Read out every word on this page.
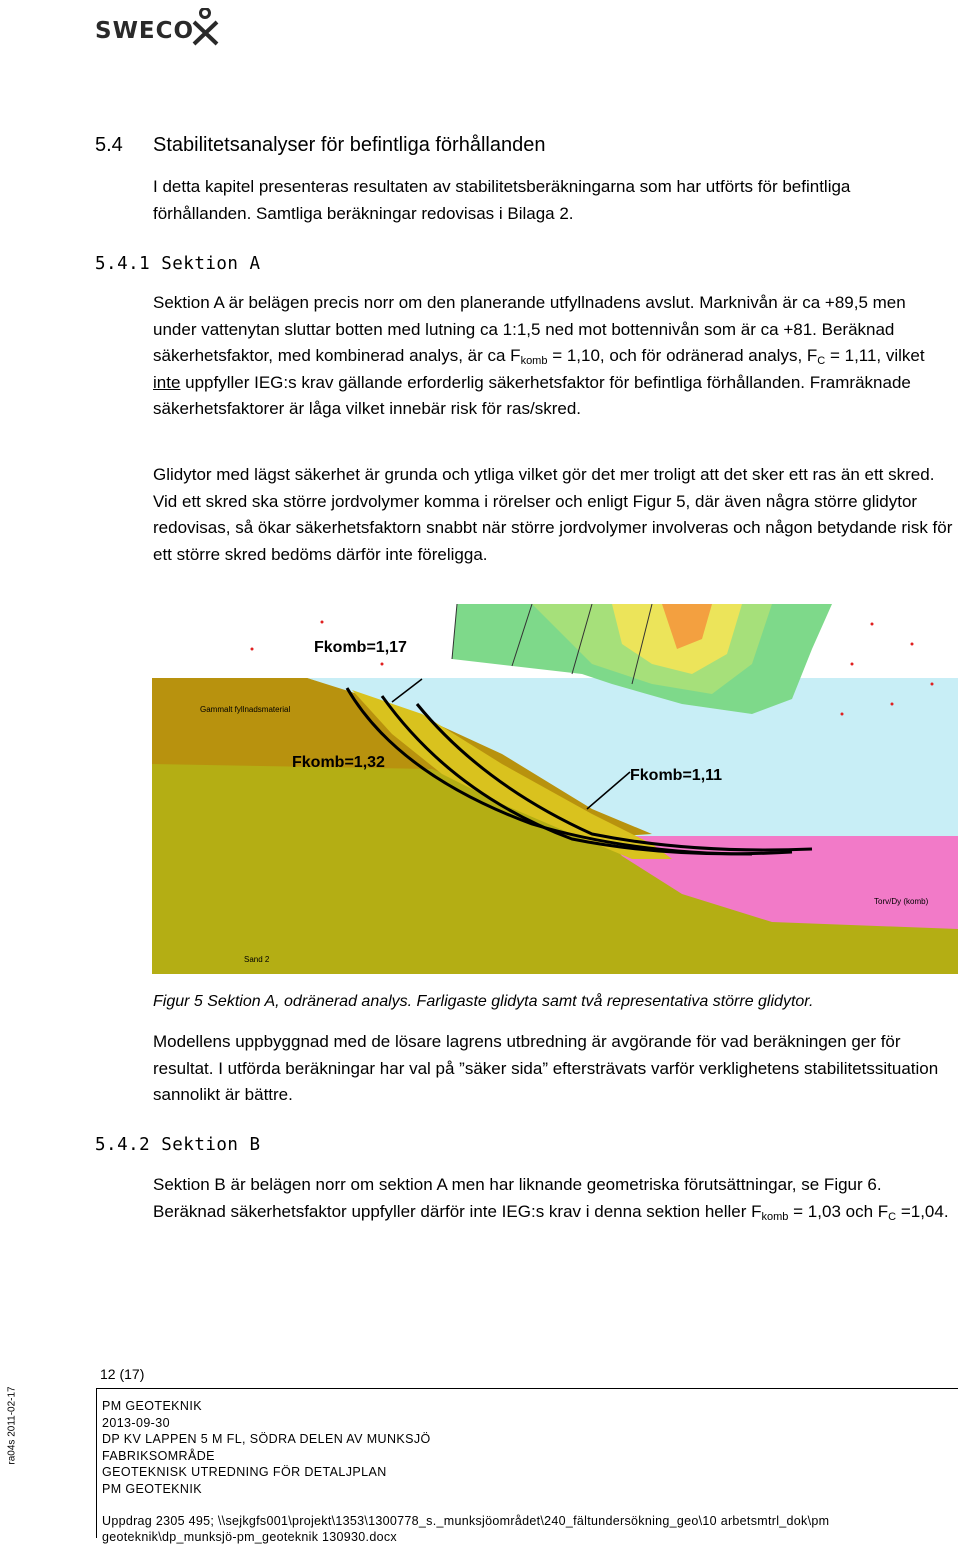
SWECO
5.4 Stabilitetsanalyser för befintliga förhållanden
I detta kapitel presenteras resultaten av stabilitetsberäkningarna som har utförts för befintliga förhållanden. Samtliga beräkningar redovisas i Bilaga 2.
5.4.1 Sektion A
Sektion A är belägen precis norr om den planerande utfyllnadens avslut. Marknivån är ca +89,5 men under vattenytan sluttar botten med lutning ca 1:1,5 ned mot bottennivån som är ca +81. Beräknad säkerhetsfaktor, med kombinerad analys, är ca $F_{komb} = 1,10$, och för odränerad analys, $F_C = 1,11$, vilket inte uppfyller IEG:s krav gällande erforderlig säkerhetsfaktor för befintliga förhållanden. Framräknade säkerhetsfaktorer är låga vilket innebär risk för ras/skred.
Glidytor med lägst säkerhet är grunda och ytliga vilket gör det mer troligt att det sker ett ras än ett skred. Vid ett skred ska större jordvolymer komma i rörelser och enligt Figur 5, där även några större glidytor redovisas, så ökar säkerhetsfaktorn snabbt när större jordvolymer involveras och någon betydande risk för ett större skred bedöms därför inte föreligga.
Fkomb=1,17
Fkomb=1,32
Fkomb=1,11
Gammalt fyllnadsmaterial
Torv/Dy (komb)
Sand 2
Figur 5 Sektion A, odränerad analys. Farligaste glidyta samt två representativa större glidytor.
Modellens uppbyggnad med de lösare lagrens utbredning är avgörande för vad beräkningen ger för resultat. I utförda beräkningar har val på ”säker sida” eftersträvats varför verklighetens stabilitetssituation sannolikt är bättre.
5.4.2 Sektion B
Sektion B är belägen norr om sektion A men har liknande geometriska förutsättningar, se Figur 6. Beräknad säkerhetsfaktor uppfyller därför inte IEG:s krav i denna sektion heller $F_{komb} = 1,03$ och $F_C =1,04$.
12 (17)
PM GEOTEKNIK
2013-09-30
DP KV LAPPEN 5 M FL, SÖDRA DELEN AV MUNKSJÖ
FABRIKSOMRÅDE
GEOTEKNISK UTREDNING FÖR DETALJPLAN
PM GEOTEKNIK
Uppdrag 2305 495; \\sejkgfs001\projekt\1353\1300778_s._munksjöområdet\240_fältundersökning_geo\10 arbetsmtrl_dok\pm
geoteknik\dp_munksjö-pm_geoteknik 130930.docx
ra04s 2011-02-17
